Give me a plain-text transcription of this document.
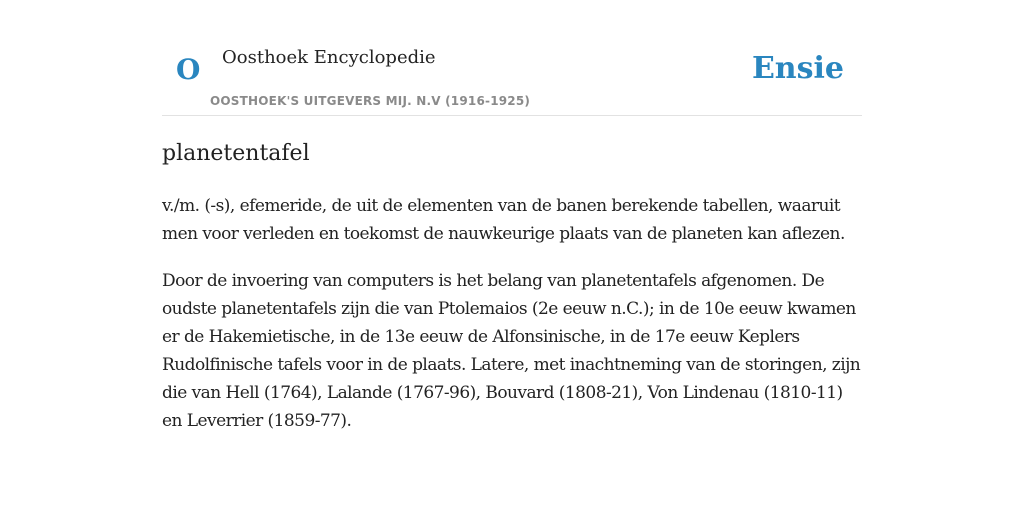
O Oosthoek Encyclopedie
OOSTHOEK'S UITGEVERS MIJ. N.V (1916-1925)
Ensie
planetentafel

v./m. (-s), efemeride, de uit de elementen van de banen berekende tabellen, waaruit men voor verleden en toekomst de nauwkeurige plaats van de planeten kan aflezen.

Door de invoering van computers is het belang van planetentafels afgenomen. De oudste planetentafels zijn die van Ptolemaios (2e eeuw n.C.); in de 10e eeuw kwamen er de Hakemietische, in de 13e eeuw de Alfonsinische, in de 17e eeuw Keplers Rudolfinische tafels voor in de plaats. Latere, met inachtneming van de storingen, zijn die van Hell (1764), Lalande (1767-96), Bouvard (1808-21), Von Lindenau (1810-11) en Leverrier (1859-77).
